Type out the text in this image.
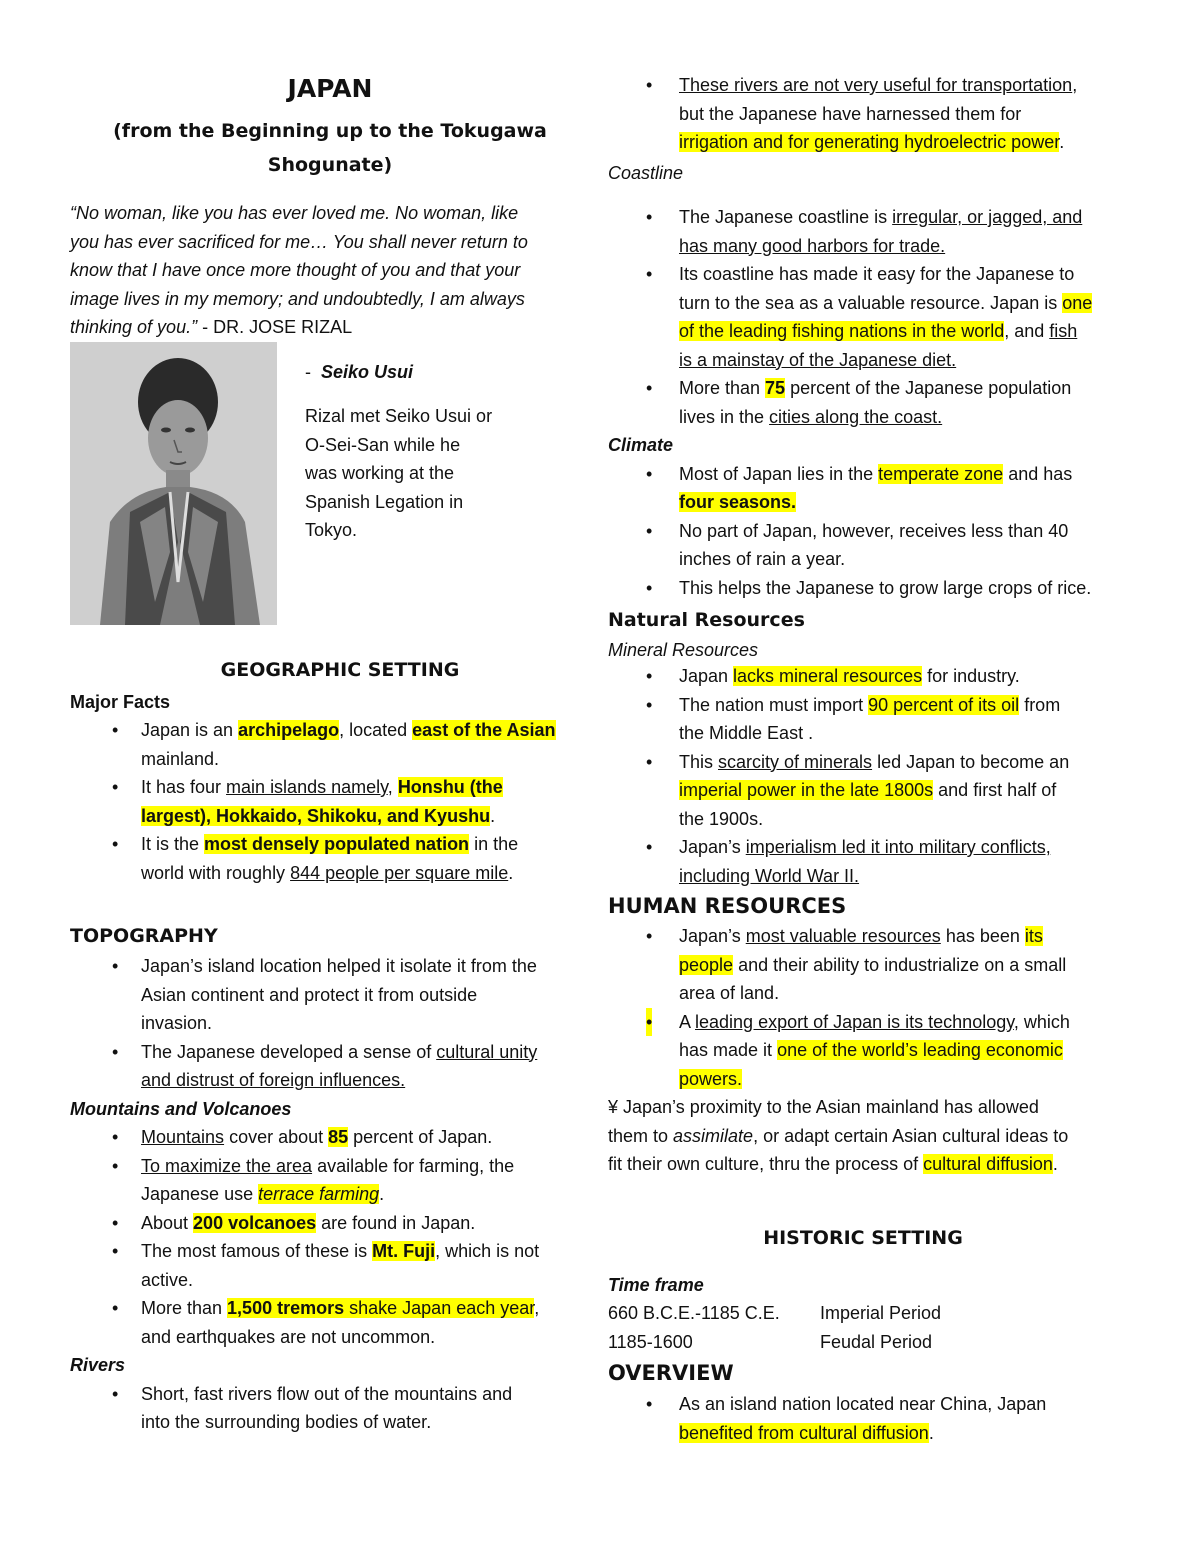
JAPAN
(from the Beginning up to the Tokugawa
Shogunate)
“No woman, like you has ever loved me. No woman, like
you has ever sacrificed for me… You shall never return to
know that I have once more thought of you and that your
image lives in my memory; and undoubtedly, I am always
thinking of you.” - DR. JOSE RIZAL
- Seiko Usui
Rizal met Seiko Usui or
O-Sei-San while he
was working at the
Spanish Legation in
Tokyo.
GEOGRAPHIC SETTING
Major Facts
• Japan is an archipelago, located east of the Asian
mainland.
• It has four main islands namely, Honshu (the
largest), Hokkaido, Shikoku, and Kyushu.
• It is the most densely populated nation in the
world with roughly 844 people per square mile.
TOPOGRAPHY
• Japan’s island location helped it isolate it from the
Asian continent and protect it from outside
invasion.
• The Japanese developed a sense of cultural unity
and distrust of foreign influences.
Mountains and Volcanoes
• Mountains cover about 85 percent of Japan.
• To maximize the area available for farming, the
Japanese use terrace farming.
• About 200 volcanoes are found in Japan.
• The most famous of these is Mt. Fuji, which is not
active.
• More than 1,500 tremors shake Japan each year,
and earthquakes are not uncommon.
Rivers
• Short, fast rivers flow out of the mountains and
into the surrounding bodies of water.
• These rivers are not very useful for transportation,
but the Japanese have harnessed them for
irrigation and for generating hydroelectric power.
Coastline
• The Japanese coastline is irregular, or jagged, and
has many good harbors for trade.
• Its coastline has made it easy for the Japanese to
turn to the sea as a valuable resource. Japan is one
of the leading fishing nations in the world, and fish
is a mainstay of the Japanese diet.
• More than 75 percent of the Japanese population
lives in the cities along the coast.
Climate
• Most of Japan lies in the temperate zone and has
four seasons.
• No part of Japan, however, receives less than 40
inches of rain a year.
• This helps the Japanese to grow large crops of rice.
Natural Resources
Mineral Resources
• Japan lacks mineral resources for industry.
• The nation must import 90 percent of its oil from
the Middle East .
• This scarcity of minerals led Japan to become an
imperial power in the late 1800s and first half of
the 1900s.
• Japan’s imperialism led it into military conflicts,
including World War II.
HUMAN RESOURCES
• Japan’s most valuable resources has been its
people and their ability to industrialize on a small
area of land.
• A leading export of Japan is its technology, which
has made it one of the world’s leading economic
powers.
¥ Japan’s proximity to the Asian mainland has allowed
them to assimilate, or adapt certain Asian cultural ideas to
fit their own culture, thru the process of cultural diffusion.
HISTORIC SETTING
Time frame
660 B.C.E.-1185 C.E. Imperial Period
1185-1600	Feudal Period
OVERVIEW
• As an island nation located near China, Japan
benefited from cultural diffusion.
